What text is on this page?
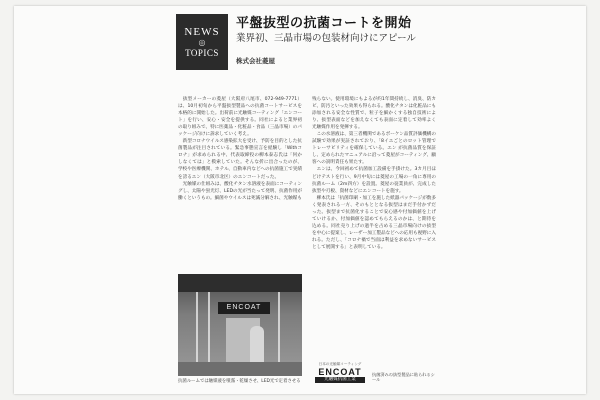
NEWS
◎
TOPICS
平盤抜型の抗菌コートを開始
業界初、三晶市場の包装材向けにアピール
株式会社菱屋
　抜型メーカーの菱屋（大阪府八尾市、072-949-7771）は、10月初旬から平盤抜型製品への抗菌コートサービスを本格的に開始した。出荷前に光触媒コーティング「エンコート」を行い、安心・安全を提供する。同社によると業界初の取り組みで、特に医薬品・化粧品・食品（三晶市場）のパッケージ向けに訴求していく考え。
　新型コロナウイルス感染拡大を受け、予防を目的とした抗菌製品が注目されている。緊急事態宣言を経験し「Withコロナ」が求められる中、代表取締役の柳本泰志氏は「何かしなくては」と模索していた。そんな折に出合ったのが、学校や医療機関、ホテル、自動車内などへの抗菌施工で実績を誇るエン（大阪市北区）のエンコートだった。
　光触媒の仕組みは、酸化チタン水溶液を表面にコーティングし、太陽や蛍光灯、LEDの光が当たって発明、抗菌作用が働くというもの。細菌やウイルスは死滅分解され、光触媒も
残らない。使用環境にもよるが約1年間持続し、消臭、防カビ、防汚といった効果も得られる。酸化チタンは化粧品にも添加される安全な性質で、粒子を細かくする独自技術により、抜型表面などを加えなくても表面に定着して効率よく光触媒作用を発揮する。
　この水溶液は、第三者機関であるボーケン品質評価機構の試験で効果が実証されており、「8イエごとのロット管理でトレーサビリティを確保している。エン が抗菌品質を保証し、定められたマニュアルに沿って菱屋がコーティング、顧客への説明責任も果たす。
　エンは、今回初めて抗菌加工設備を手掛けた。3カ月目ほどけテストを行い、9月中旬には菱屋の工場の一角に専用の抗菌ルーム（2m四方）を設置。菱屋の従業員が、完成した抜型や刃板、資材などにエンコートを施す。
　柳本氏は「抗菌印刷・加工を施した紙器パッケージが数多く発表される一方、そのもととなる抜型はまだ手付かずだった。抜型まで抗菌化することで安心感や付加価値を上げていけるか、付加価値を認めてもらえるのかは、と期待を込める。同社売り上げの過半を占める三晶市場向けの抜型を中心に提案し、レーザー加工製品などへの応用も視野に入れる。ただし、「コロナ禍で当面は利益を求めないサービスとして展開する」と表明している。
ENCOAT
抗菌ルームでは触媒液を噴霧・乾燥させ、LED光で定着させる
日本の光触媒コーティング
ENCOAT
光触媒抗菌工業
抗菌済みの抜型製品に貼られるシール
